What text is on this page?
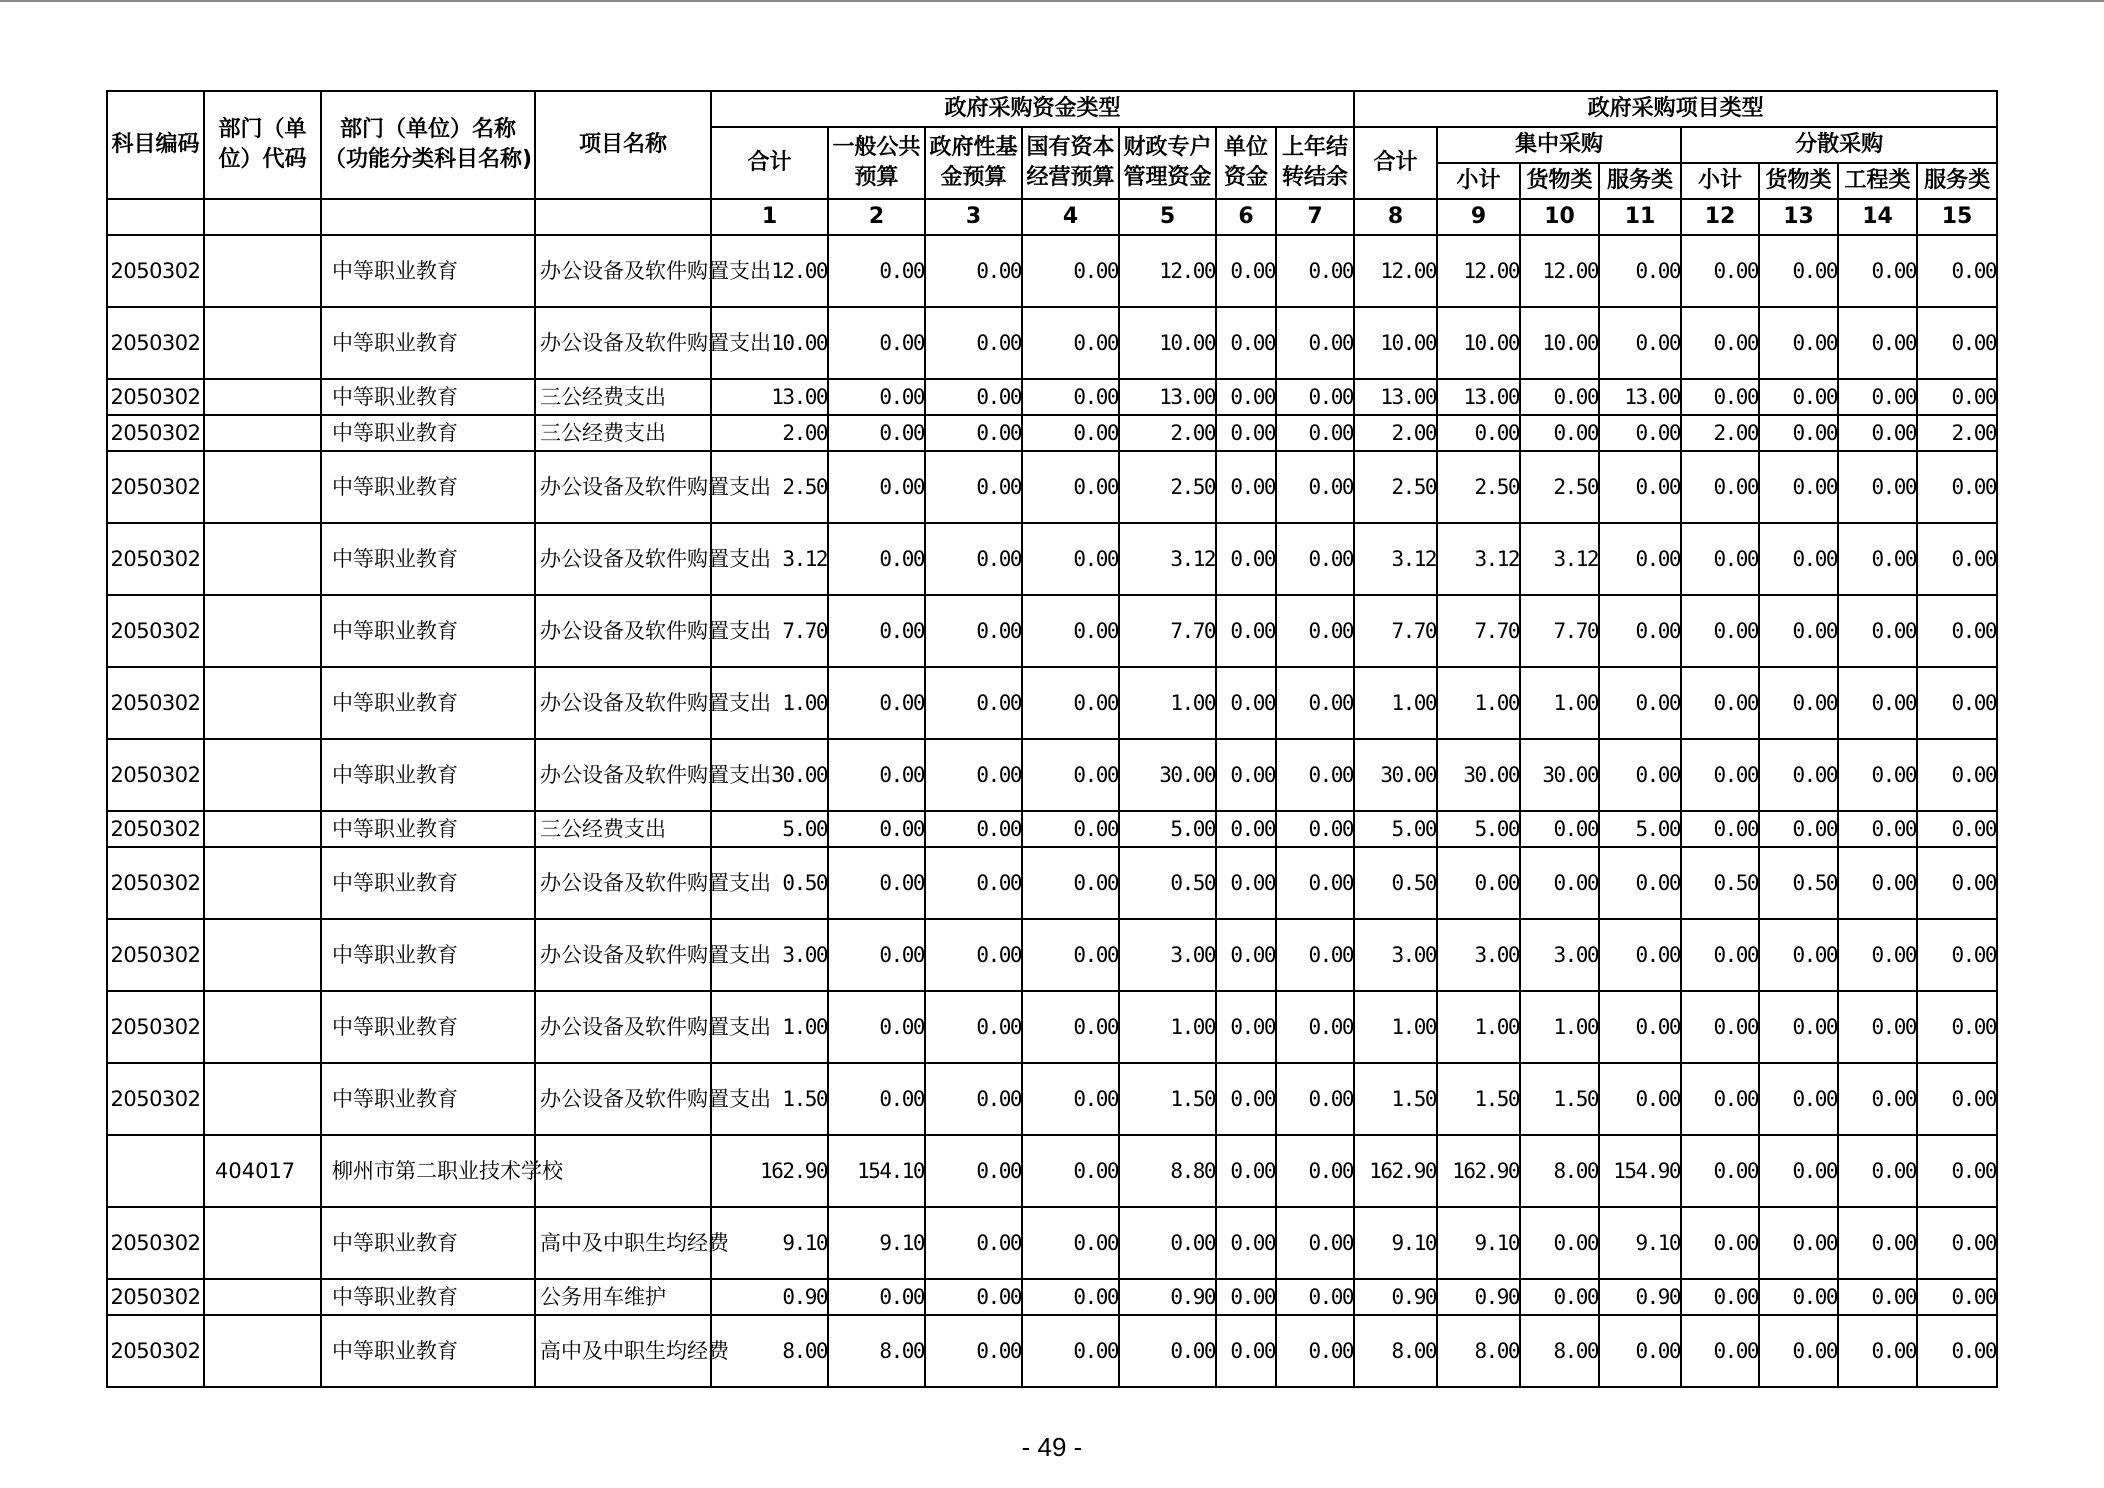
科目编码	部门（单位）代码	部门（单位）名称（功能分类科目名称)	项目名称	政府采购资金类型							政府采购项目类型							
				合计	一般公共预算	政府性基金预算	国有资本经营预算	财政专户管理资金	单位资金	上年结转结余	合计	集中采购			分散采购			
												小计	货物类	服务类	小计	货物类	工程类	服务类
				1	2	3	4	5	6	7	8	9	10	11	12	13	14	15
2050302		中等职业教育	办公设备及软件购置支出	12.00	0.00	0.00	0.00	12.00	0.00	0.00	12.00	12.00	12.00	0.00	0.00	0.00	0.00	0.00
2050302		中等职业教育	办公设备及软件购置支出	10.00	0.00	0.00	0.00	10.00	0.00	0.00	10.00	10.00	10.00	0.00	0.00	0.00	0.00	0.00
2050302		中等职业教育	三公经费支出	13.00	0.00	0.00	0.00	13.00	0.00	0.00	13.00	13.00	0.00	13.00	0.00	0.00	0.00	0.00
2050302		中等职业教育	三公经费支出	2.00	0.00	0.00	0.00	2.00	0.00	0.00	2.00	0.00	0.00	0.00	2.00	0.00	0.00	2.00
2050302		中等职业教育	办公设备及软件购置支出	2.50	0.00	0.00	0.00	2.50	0.00	0.00	2.50	2.50	2.50	0.00	0.00	0.00	0.00	0.00
2050302		中等职业教育	办公设备及软件购置支出	3.12	0.00	0.00	0.00	3.12	0.00	0.00	3.12	3.12	3.12	0.00	0.00	0.00	0.00	0.00
2050302		中等职业教育	办公设备及软件购置支出	7.70	0.00	0.00	0.00	7.70	0.00	0.00	7.70	7.70	7.70	0.00	0.00	0.00	0.00	0.00
2050302		中等职业教育	办公设备及软件购置支出	1.00	0.00	0.00	0.00	1.00	0.00	0.00	1.00	1.00	1.00	0.00	0.00	0.00	0.00	0.00
2050302		中等职业教育	办公设备及软件购置支出	30.00	0.00	0.00	0.00	30.00	0.00	0.00	30.00	30.00	30.00	0.00	0.00	0.00	0.00	0.00
2050302		中等职业教育	三公经费支出	5.00	0.00	0.00	0.00	5.00	0.00	0.00	5.00	5.00	0.00	5.00	0.00	0.00	0.00	0.00
2050302		中等职业教育	办公设备及软件购置支出	0.50	0.00	0.00	0.00	0.50	0.00	0.00	0.50	0.00	0.00	0.00	0.50	0.50	0.00	0.00
2050302		中等职业教育	办公设备及软件购置支出	3.00	0.00	0.00	0.00	3.00	0.00	0.00	3.00	3.00	3.00	0.00	0.00	0.00	0.00	0.00
2050302		中等职业教育	办公设备及软件购置支出	1.00	0.00	0.00	0.00	1.00	0.00	0.00	1.00	1.00	1.00	0.00	0.00	0.00	0.00	0.00
2050302		中等职业教育	办公设备及软件购置支出	1.50	0.00	0.00	0.00	1.50	0.00	0.00	1.50	1.50	1.50	0.00	0.00	0.00	0.00	0.00
	404017	柳州市第二职业技术学校		162.90	154.10	0.00	0.00	8.80	0.00	0.00	162.90	162.90	8.00	154.90	0.00	0.00	0.00	0.00
2050302		中等职业教育	高中及中职生均经费	9.10	9.10	0.00	0.00	0.00	0.00	0.00	9.10	9.10	0.00	9.10	0.00	0.00	0.00	0.00
2050302		中等职业教育	公务用车维护	0.90	0.00	0.00	0.00	0.90	0.00	0.00	0.90	0.90	0.00	0.90	0.00	0.00	0.00	0.00
2050302		中等职业教育	高中及中职生均经费	8.00	8.00	0.00	0.00	0.00	0.00	0.00	8.00	8.00	8.00	0.00	0.00	0.00	0.00	0.00
- 49 -
